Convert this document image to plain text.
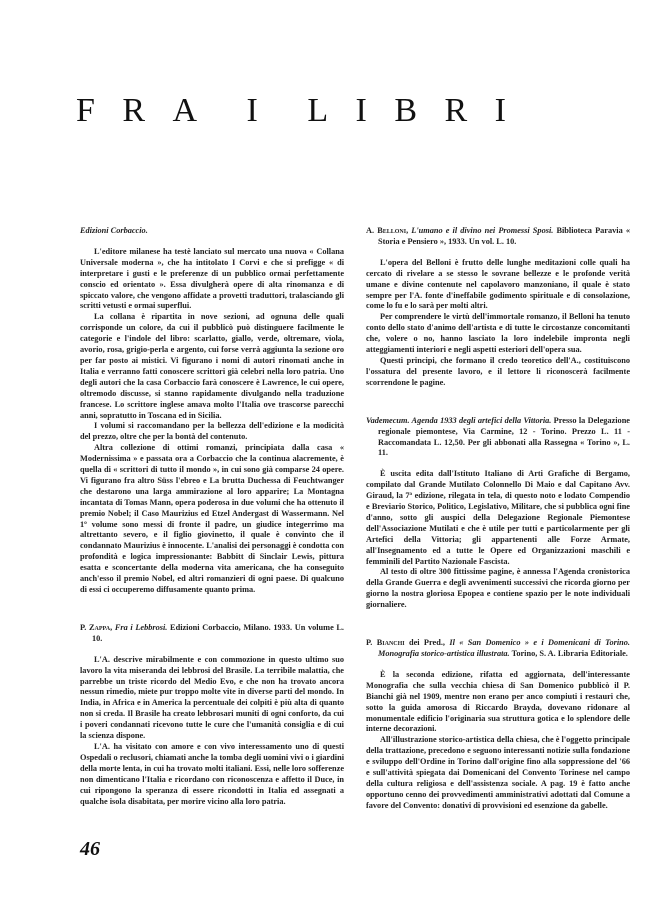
F R A I L I B R I

Edizioni Corbaccio.

L'editore milanese ha testè lanciato sul mercato una nuova « Collana Universale moderna », che ha intitolato I Corvi e che si prefigge « di interpretare i gusti e le preferenze di un pubblico ormai perfettamente conscio ed orientato ». Essa divulgherà opere di alta rinomanza e di spiccato valore, che vengono affidate a provetti traduttori, tralasciando gli scritti vetusti e ormai superflui.

La collana è ripartita in nove sezioni, ad ognuna delle quali corrisponde un colore, da cui il pubblicò può distinguere facilmente le categorie e l'indole del libro: scarlatto, giallo, verde, oltremare, viola, avorio, rosa, grigio-perla e argento, cui forse verrà aggiunta la sezione oro per far posto ai mistici. Vi figurano i nomi di autori rinomati anche in Italia e verranno fatti conoscere scrittori già celebri nella loro patria. Uno degli autori che la casa Corbaccio farà conoscere è Lawrence, le cui opere, oltremodo discusse, si stanno rapidamente divulgando nella traduzione francese. Lo scrittore inglese amava molto l'Italia ove trascorse parecchi anni, sopratutto in Toscana ed in Sicilia.

I volumi si raccomandano per la bellezza dell'edizione e la modicità del prezzo, oltre che per la bontà del contenuto.

Altra collezione di ottimi romanzi, principiata dalla casa « Modernissima » e passata ora a Corbaccio che la continua alacremente, è quella di « scrittori di tutto il mondo », in cui sono già comparse 24 opere. Vi figurano fra altro Süss l'ebreo e La brutta Duchessa di Feuchtwanger che destarono una larga ammirazione al loro apparire; La Montagna incantata di Tomas Mann, opera poderosa in due volumi che ha ottenuto il premio Nobel; il Caso Maurizius ed Etzel Andergast di Wassermann. Nel 1º volume sono messi di fronte il padre, un giudice integerrimo ma altrettanto severo, e il figlio giovinetto, il quale è convinto che il condannato Maurizius è innocente. L'analisi dei personaggi è condotta con profondità e logica impressionante: Babbitt di Sinclair Lewis, pittura esatta e sconcertante della moderna vita americana, che ha conseguito anch'esso il premio Nobel, ed altri romanzieri di ogni paese. Di qualcuno di essi ci occuperemo diffusamente quanto prima.

P. Zappa, Fra i Lebbrosi. Edizioni Corbaccio, Milano. 1933. Un volume L. 10.

L'A. descrive mirabilmente e con commozione in questo ultimo suo lavoro la vita miseranda dei lebbrosi del Brasile. La terribile malattia, che parrebbe un triste ricordo del Medio Evo, e che non ha trovato ancora nessun rimedio, miete pur troppo molte vite in diverse parti del mondo. In India, in Africa e in America la percentuale dei colpiti è più alta di quanto non si creda. Il Brasile ha creato lebbrosari muniti di ogni conforto, da cui i poveri condannati ricevono tutte le cure che l'umanità consiglia e di cui la scienza dispone.

L'A. ha visitato con amore e con vivo interessamento uno di questi Ospedali o reclusori, chiamati anche la tomba degli uomini vivi o i giardini della morte lenta, in cui ha trovato molti italiani. Essi, nelle loro sofferenze non dimenticano l'Italia e ricordano con riconoscenza e affetto il Duce, in cui ripongono la speranza di essere ricondotti in Italia ed assegnati a qualche isola disabitata, per morire vicino alla loro patria.

A. Belloni, L'umano e il divino nei Promessi Sposi. Biblioteca Paravia « Storia e Pensiero », 1933. Un vol. L. 10.

L'opera del Belloni è frutto delle lunghe meditazioni colle quali ha cercato di rivelare a se stesso le sovrane bellezze e le profonde verità umane e divine contenute nel capolavoro manzoniano, il quale è stato sempre per l'A. fonte d'ineffabile godimento spirituale e di consolazione, come lo fu e lo sarà per molti altri.

Per comprendere le virtù dell'immortale romanzo, il Belloni ha tenuto conto dello stato d'animo dell'artista e di tutte le circostanze concomitanti che, volere o no, hanno lasciato la loro indelebile impronta negli atteggiamenti interiori e negli aspetti esteriori dell'opera sua.

Questi principi, che formano il credo teoretico dell'A., costituiscono l'ossatura del presente lavoro, e il lettore li riconoscerà facilmente scorrendone le pagine.

Vademecum. Agenda 1933 degli artefici della Vittoria. Presso la Delegazione regionale piemontese, Via Carmine, 12 - Torino. Prezzo L. 11 - Raccomandata L. 12,50. Per gli abbonati alla Rassegna « Torino », L. 11.

È uscita edita dall'Istituto Italiano di Arti Grafiche di Bergamo, compilato dal Grande Mutilato Colonnello Di Maio e dal Capitano Avv. Giraud, la 7ª edizione, rilegata in tela, di questo noto e lodato Compendio e Breviario Storico, Politico, Legislativo, Militare, che si pubblica ogni fine d'anno, sotto gli auspici della Delegazione Regionale Piemontese dell'Associazione Mutilati e che è utile per tutti e particolarmente per gli Artefici della Vittoria; gli appartenenti alle Forze Armate, all'Insegnamento ed a tutte le Opere ed Organizzazioni maschili e femminili del Partito Nazionale Fascista.

Al testo di oltre 300 fittissime pagine, è annessa l'Agenda cronistorica della Grande Guerra e degli avvenimenti successivi che ricorda giorno per giorno la nostra gloriosa Epopea e contiene spazio per le note individuali giornaliere.

P. Bianchi dei Pred., Il « San Domenico » e i Domenicani di Torino. Monografia storico-artistica illustrata. Torino, S. A. Libraria Editoriale.

È la seconda edizione, rifatta ed aggiornata, dell'interessante Monografia che sulla vecchia chiesa di San Domenico pubblicò il P. Bianchi già nel 1909, mentre non erano per anco compiuti i restauri che, sotto la guida amorosa di Riccardo Brayda, dovevano ridonare al monumentale edificio l'originaria sua struttura gotica e lo splendore delle interne decorazioni.

All'illustrazione storico-artistica della chiesa, che è l'oggetto principale della trattazione, precedono e seguono interessanti notizie sulla fondazione e sviluppo dell'Ordine in Torino dall'origine fino alla soppressione del '66 e sull'attività spiegata dai Domenicani del Convento Torinese nel campo della cultura religiosa e dell'assistenza sociale. A pag. 19 è fatto anche opportuno cenno dei provvedimenti amministrativi adottati dal Comune a favore del Convento: donativi di provvisioni ed esenzione da gabelle.

46
